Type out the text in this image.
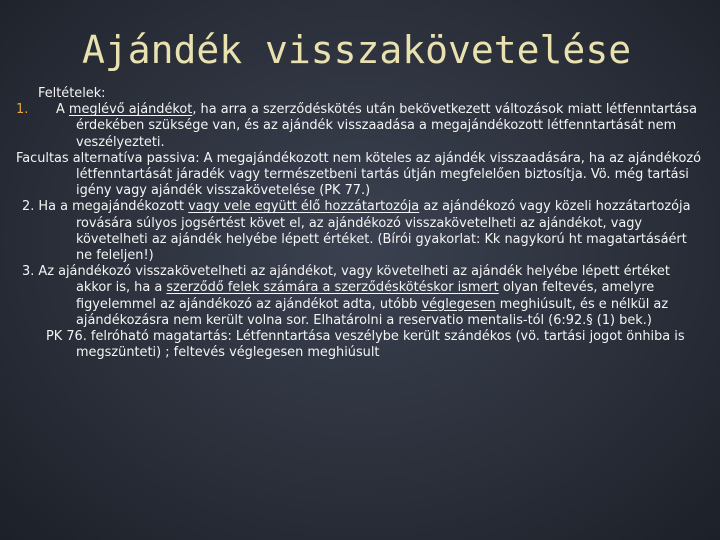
Ajándék visszakövetelése

Feltételek:

1. A meglévő ajándékot, ha arra a szerződéskötés után bekövetkezett változások miatt létfenntartása érdekében szüksége van, és az ajándék visszaadása a megajándékozott létfenntartását nem veszélyezteti.

Facultas alternatíva passiva: A megajándékozott nem köteles az ajándék visszaadására, ha az ajándékozó létfenntartását járadék vagy természetbeni tartás útján megfelelően biztosítja. Vö. még tartási igény vagy ajándék visszakövetelése (PK 77.)

2. Ha a megajándékozott vagy vele együtt élő hozzátartozója az ajándékozó vagy közeli hozzátartozója rovására súlyos jogsértést követ el, az ajándékozó visszakövetelheti az ajándékot, vagy követelheti az ajándék helyébe lépett értéket. (Bírói gyakorlat: Kk nagykorú ht magatartásáért ne feleljen!)

3. Az ajándékozó visszakövetelheti az ajándékot, vagy követelheti az ajándék helyébe lépett értéket akkor is, ha a szerződő felek számára a szerződéskötéskor ismert olyan feltevés, amelyre figyelemmel az ajándékozó az ajándékot adta, utóbb véglegesen meghiúsult, és e nélkül az ajándékozásra nem került volna sor. Elhatárolni a reservatio mentalis-tól (6:92.§ (1) bek.)

PK 76. felróható magatartás: Létfenntartása veszélybe került szándékos (vö. tartási jogot önhiba is megszünteti) ; feltevés véglegesen meghiúsult
